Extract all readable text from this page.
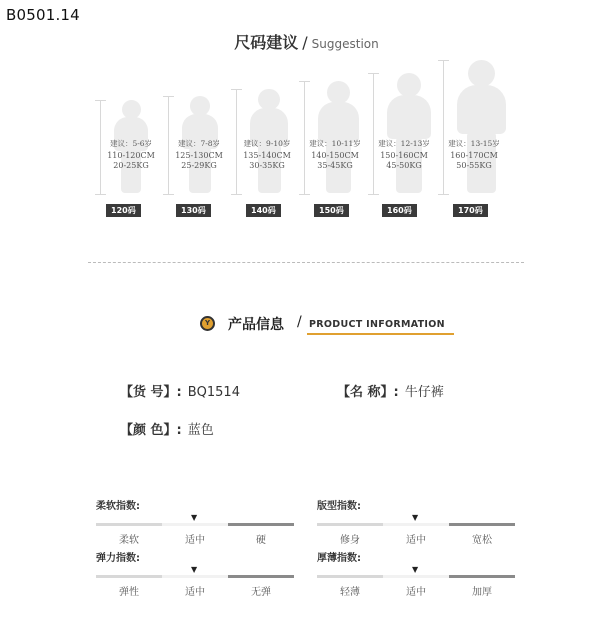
B0501.14
尺码建议 / Suggestion
建议：5-6岁
110-120CM
20-25KG
120码
建议：7-8岁
125-130CM
25-29KG
130码
建议：9-10岁
135-140CM
30-35KG
140码
建议：10-11岁
140-150CM
35-45KG
150码
建议：12-13岁
150-160CM
45-50KG
160码
建议：13-15岁
160-170CM
50-55KG
170码
Y	产品信息 / PRODUCT INFORMATION
【货 号】: BQ1514	【名 称】: 牛仔裤
【颜 色】: 蓝色
柔软指数:
▼
柔软	适中	硬
版型指数:
▼
修身	适中	宽松
弹力指数:
▼
弹性	适中	无弹
厚薄指数:
▼
轻薄	适中	加厚
